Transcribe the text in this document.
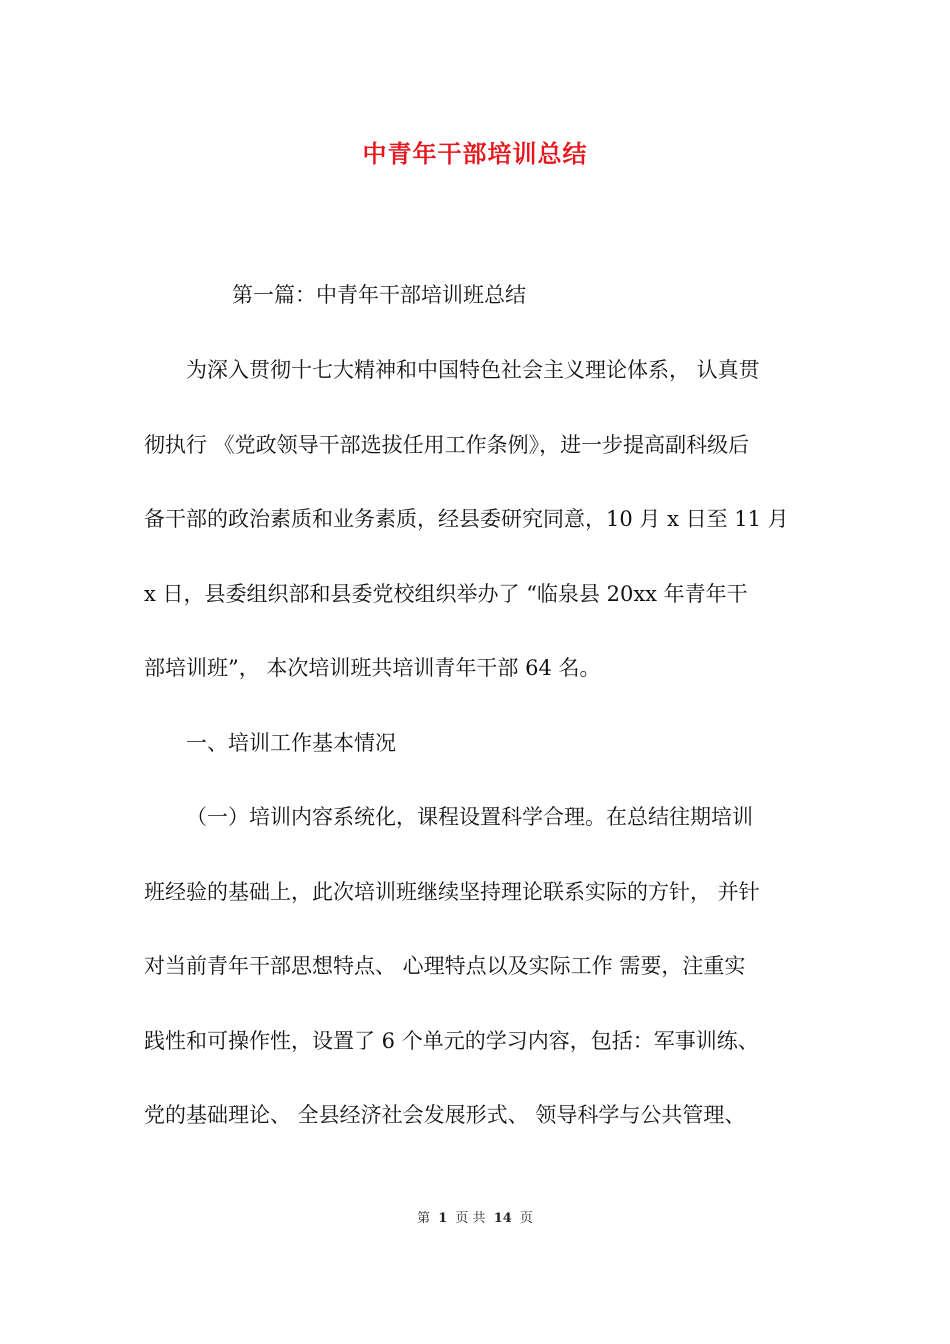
中青年干部培训总结
第一篇：中青年干部培训班总结
为深入贯彻十七大精神和中国特色社会主义理论体系， 认真贯
彻执行 《党政领导干部选拔任用工作条例》，进一步提高副科级后
备干部的政治素质和业务素质，经县委研究同意，10 月 x 日至 11 月
x 日，县委组织部和县委党校组织举办了 “临泉县 20xx 年青年干
部培训班”， 本次培训班共培训青年干部 64 名。
一、培训工作基本情况
（一）培训内容系统化，课程设置科学合理。在总结往期培训
班经验的基础上，此次培训班继续坚持理论联系实际的方针， 并针
对当前青年干部思想特点、 心理特点以及实际工作 需要，注重实
践性和可操作性，设置了 6 个单元的学习内容，包括：军事训练、
党的基础理论、 全县经济社会发展形式、 领导科学与公共管理、
第 1 页 共 14 页
